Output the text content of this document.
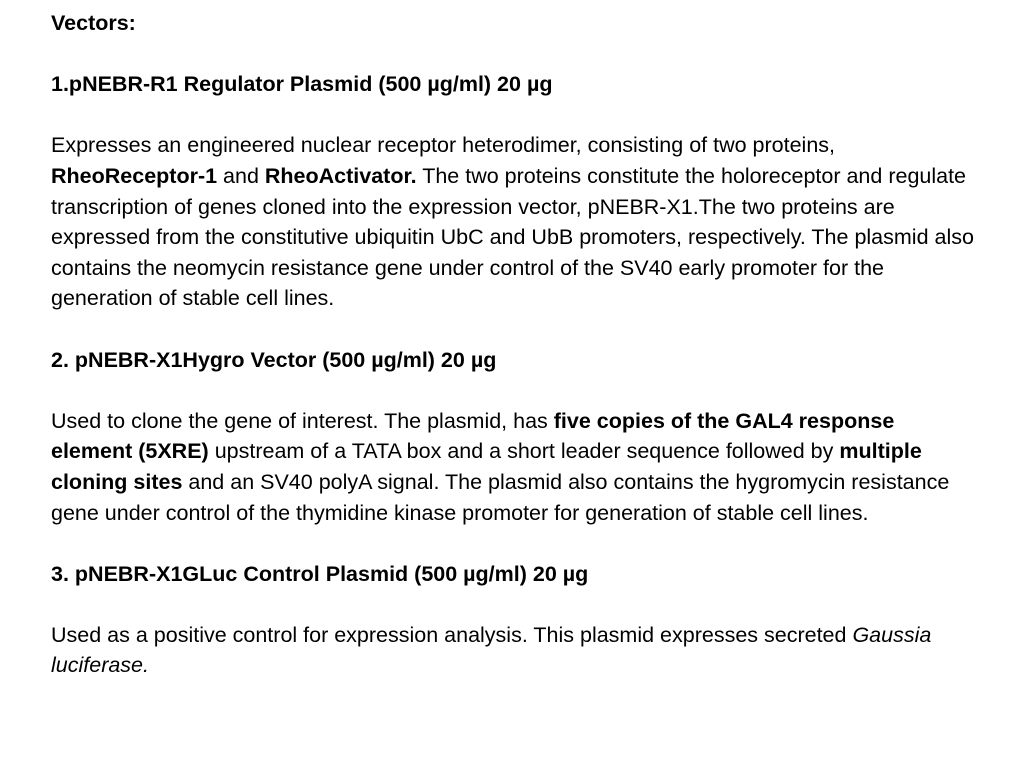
Vectors:
1.pNEBR-R1 Regulator Plasmid (500 µg/ml) 20 µg

Expresses an engineered nuclear receptor heterodimer, consisting of two proteins, RheoReceptor-1 and RheoActivator. The two proteins constitute the holoreceptor and regulate transcription of genes cloned into the expression vector, pNEBR-X1.The two proteins are expressed from the constitutive ubiquitin UbC and UbB promoters, respectively. The plasmid also contains the neomycin resistance gene under control of the SV40 early promoter for the generation of stable cell lines.

2. pNEBR-X1Hygro Vector (500 µg/ml) 20 µg

Used to clone the gene of interest. The plasmid, has five copies of the GAL4 response element (5XRE) upstream of a TATA box and a short leader sequence followed by multiple cloning sites and an SV40 polyA signal. The plasmid also contains the hygromycin resistance gene under control of the thymidine kinase promoter for generation of stable cell lines.

3. pNEBR-X1GLuc Control Plasmid (500 µg/ml) 20 µg

Used as a positive control for expression analysis. This plasmid expresses secreted Gaussia luciferase.
